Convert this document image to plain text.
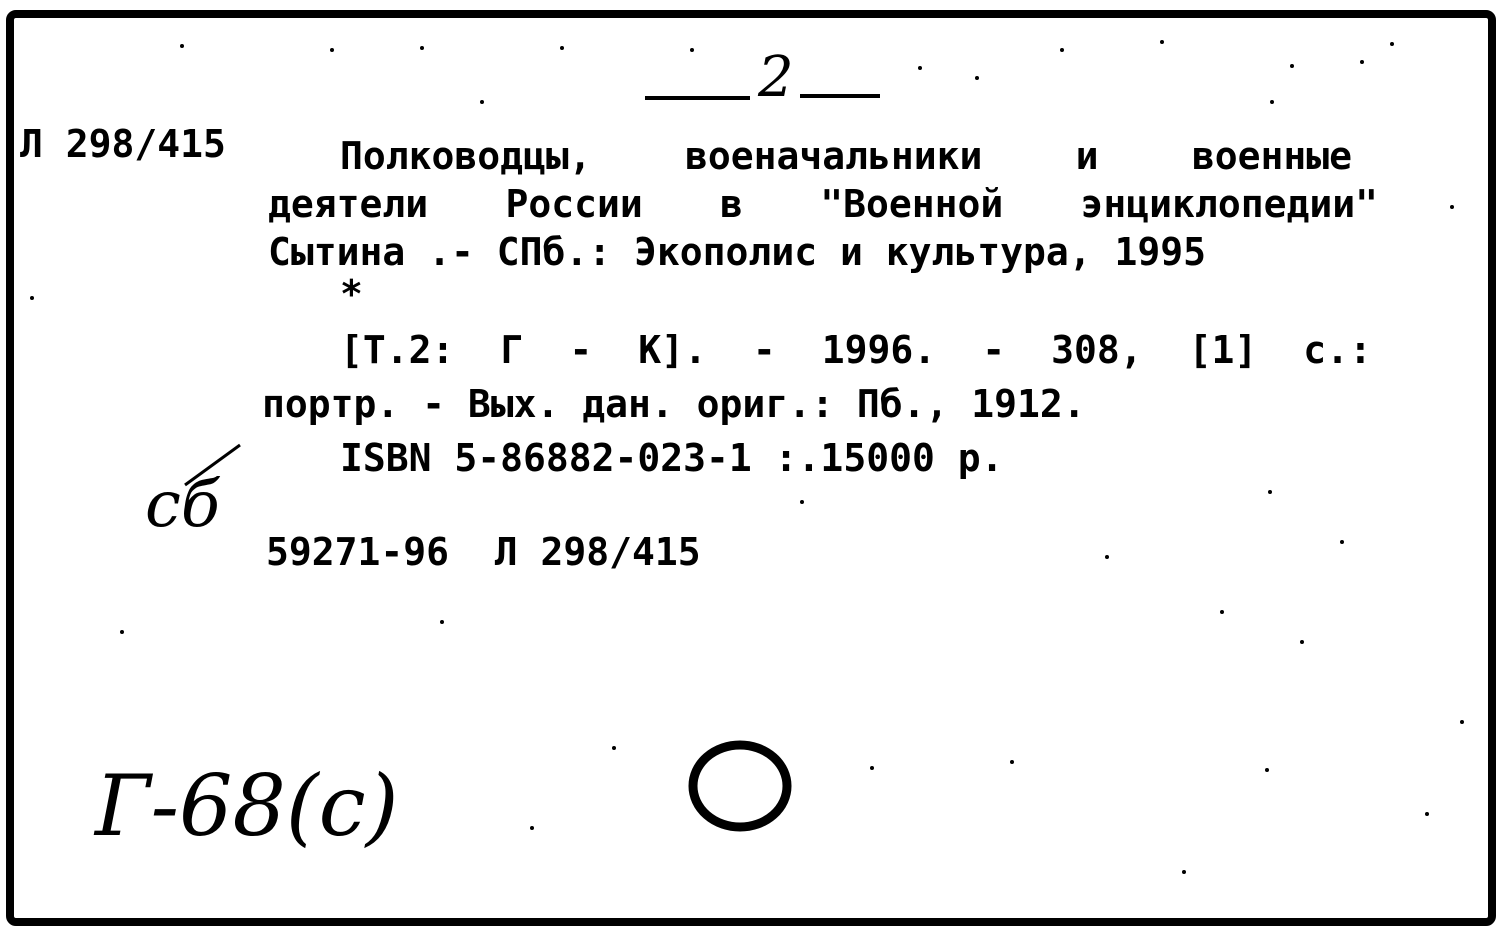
2
Л 298/415	Полководцы, военачальники и военные
деятели России в "Военной энциклопедии"
Сытина .- СПб.: Экополис и культура, 1995
*
[Т.2: Г - К]. - 1996. - 308, [1] с.:
портр. - Вых. дан. ориг.: Пб., 1912.
ISBN 5-86882-023-1 :.15000 р.
сб
59271-96  Л 298/415
Г-68(с)
